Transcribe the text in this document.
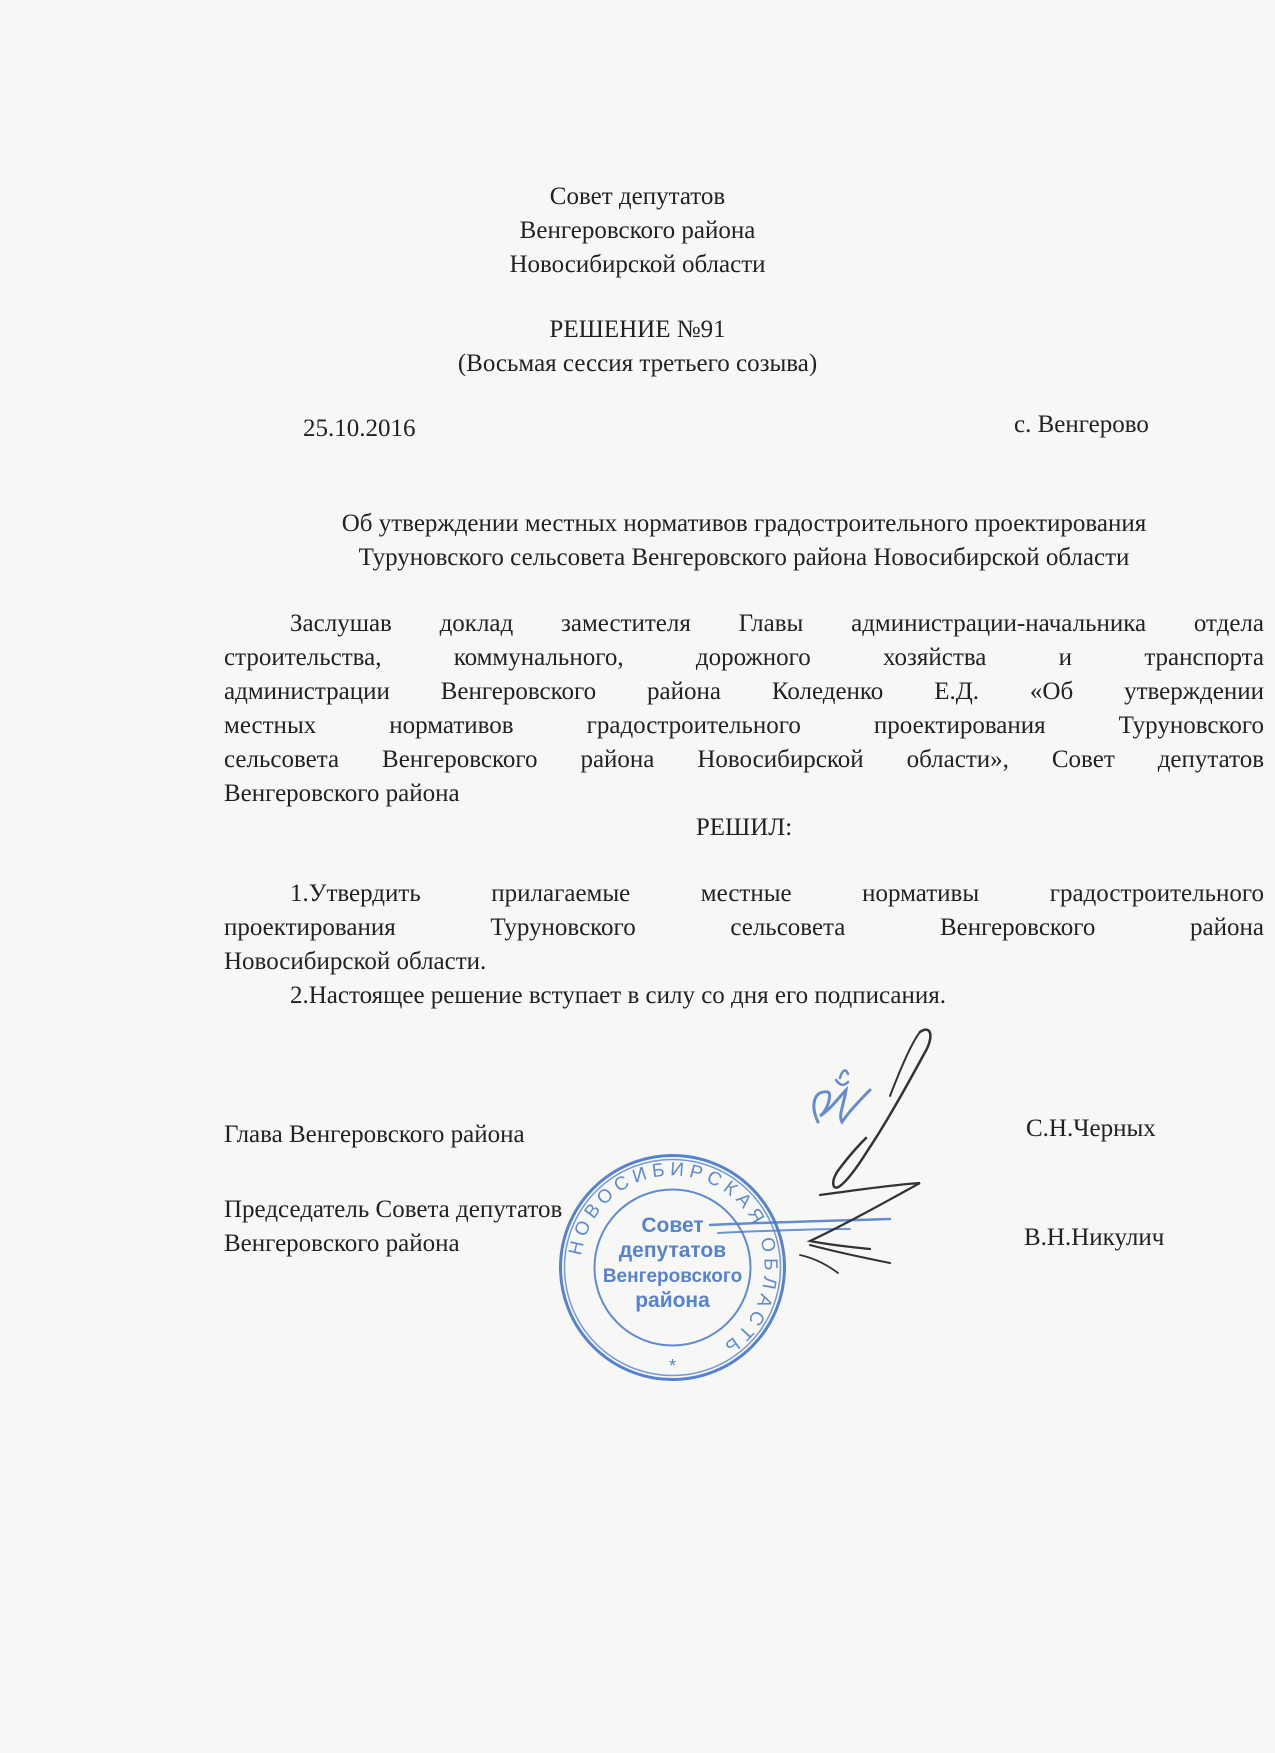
Совет депутатов
Венгеровского района
Новосибирской области
РЕШЕНИЕ №91
(Восьмая сессия третьего созыва)
25.10.2016	с. Венгерово
Об утверждении местных нормативов градостроительного проектирования
Туруновского сельсовета Венгеровского района Новосибирской области
Заслушав доклад заместителя Главы администрации-начальника отдела
строительства, коммунального, дорожного хозяйства и транспорта
администрации Венгеровского района Коледенко Е.Д. «Об утверждении
местных нормативов градостроительного проектирования Туруновского
сельсовета Венгеровского района Новосибирской области», Совет депутатов
Венгеровского района
РЕШИЛ:
1.Утвердить прилагаемые местные нормативы градостроительного
проектирования Туруновского сельсовета Венгеровского района
Новосибирской области.
2.Настоящее решение вступает в силу со дня его подписания.
Глава Венгеровского района	С.Н.Черных
Председатель Совета депутатов
Венгеровского района	В.Н.Никулич
НОВОСИБИРСКАЯ ОБЛАСТЬ
Совет
депутатов
Венгеровского
района
*
